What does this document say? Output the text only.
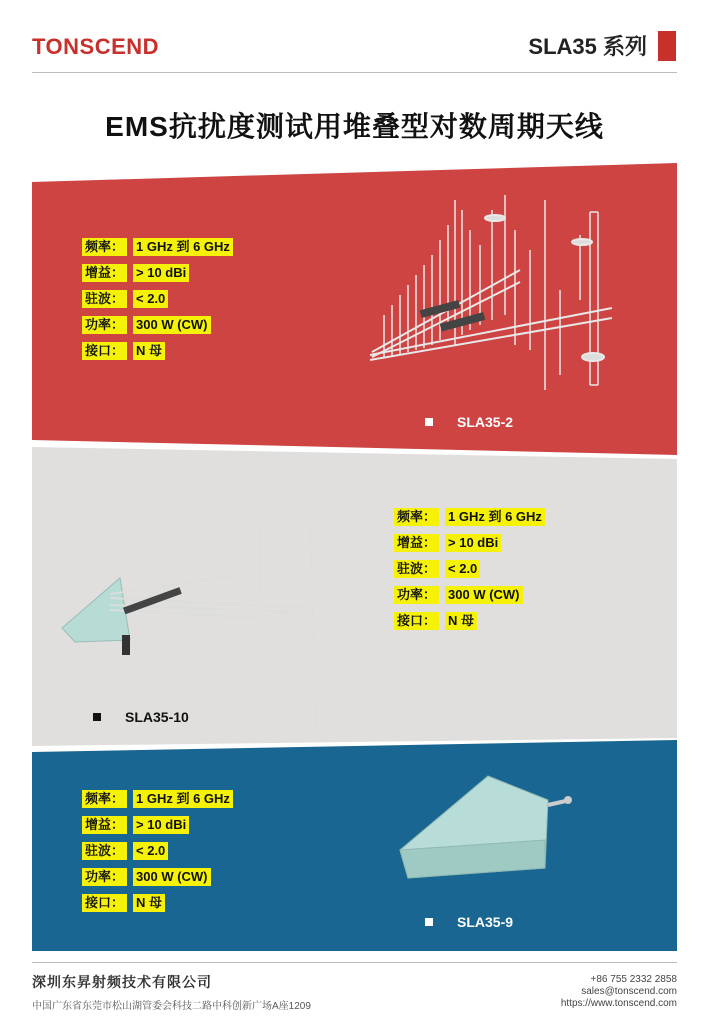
TONSCEND	SLA35 系列
EMS抗扰度测试用堆叠型对数周期天线
频率： 1 GHz 到 6 GHz
增益： > 10 dBi
驻波： < 2.0
功率： 300 W (CW)
接口： N 母
频率： 1 GHz 到 6 GHz
增益： > 10 dBi
驻波： < 2.0
功率： 300 W (CW)
接口： N 母
频率： 1 GHz 到 6 GHz
增益： > 10 dBi
驻波： < 2.0
功率： 300 W (CW)
接口： N 母
SLA35-2
SLA35-10
SLA35-9
深圳东昇射频技术有限公司
中国广东省东莞市松山湖管委会科技二路中科创新广场A座1209
+86 755 2332 2858
sales@tonscend.com
https://www.tonscend.com
